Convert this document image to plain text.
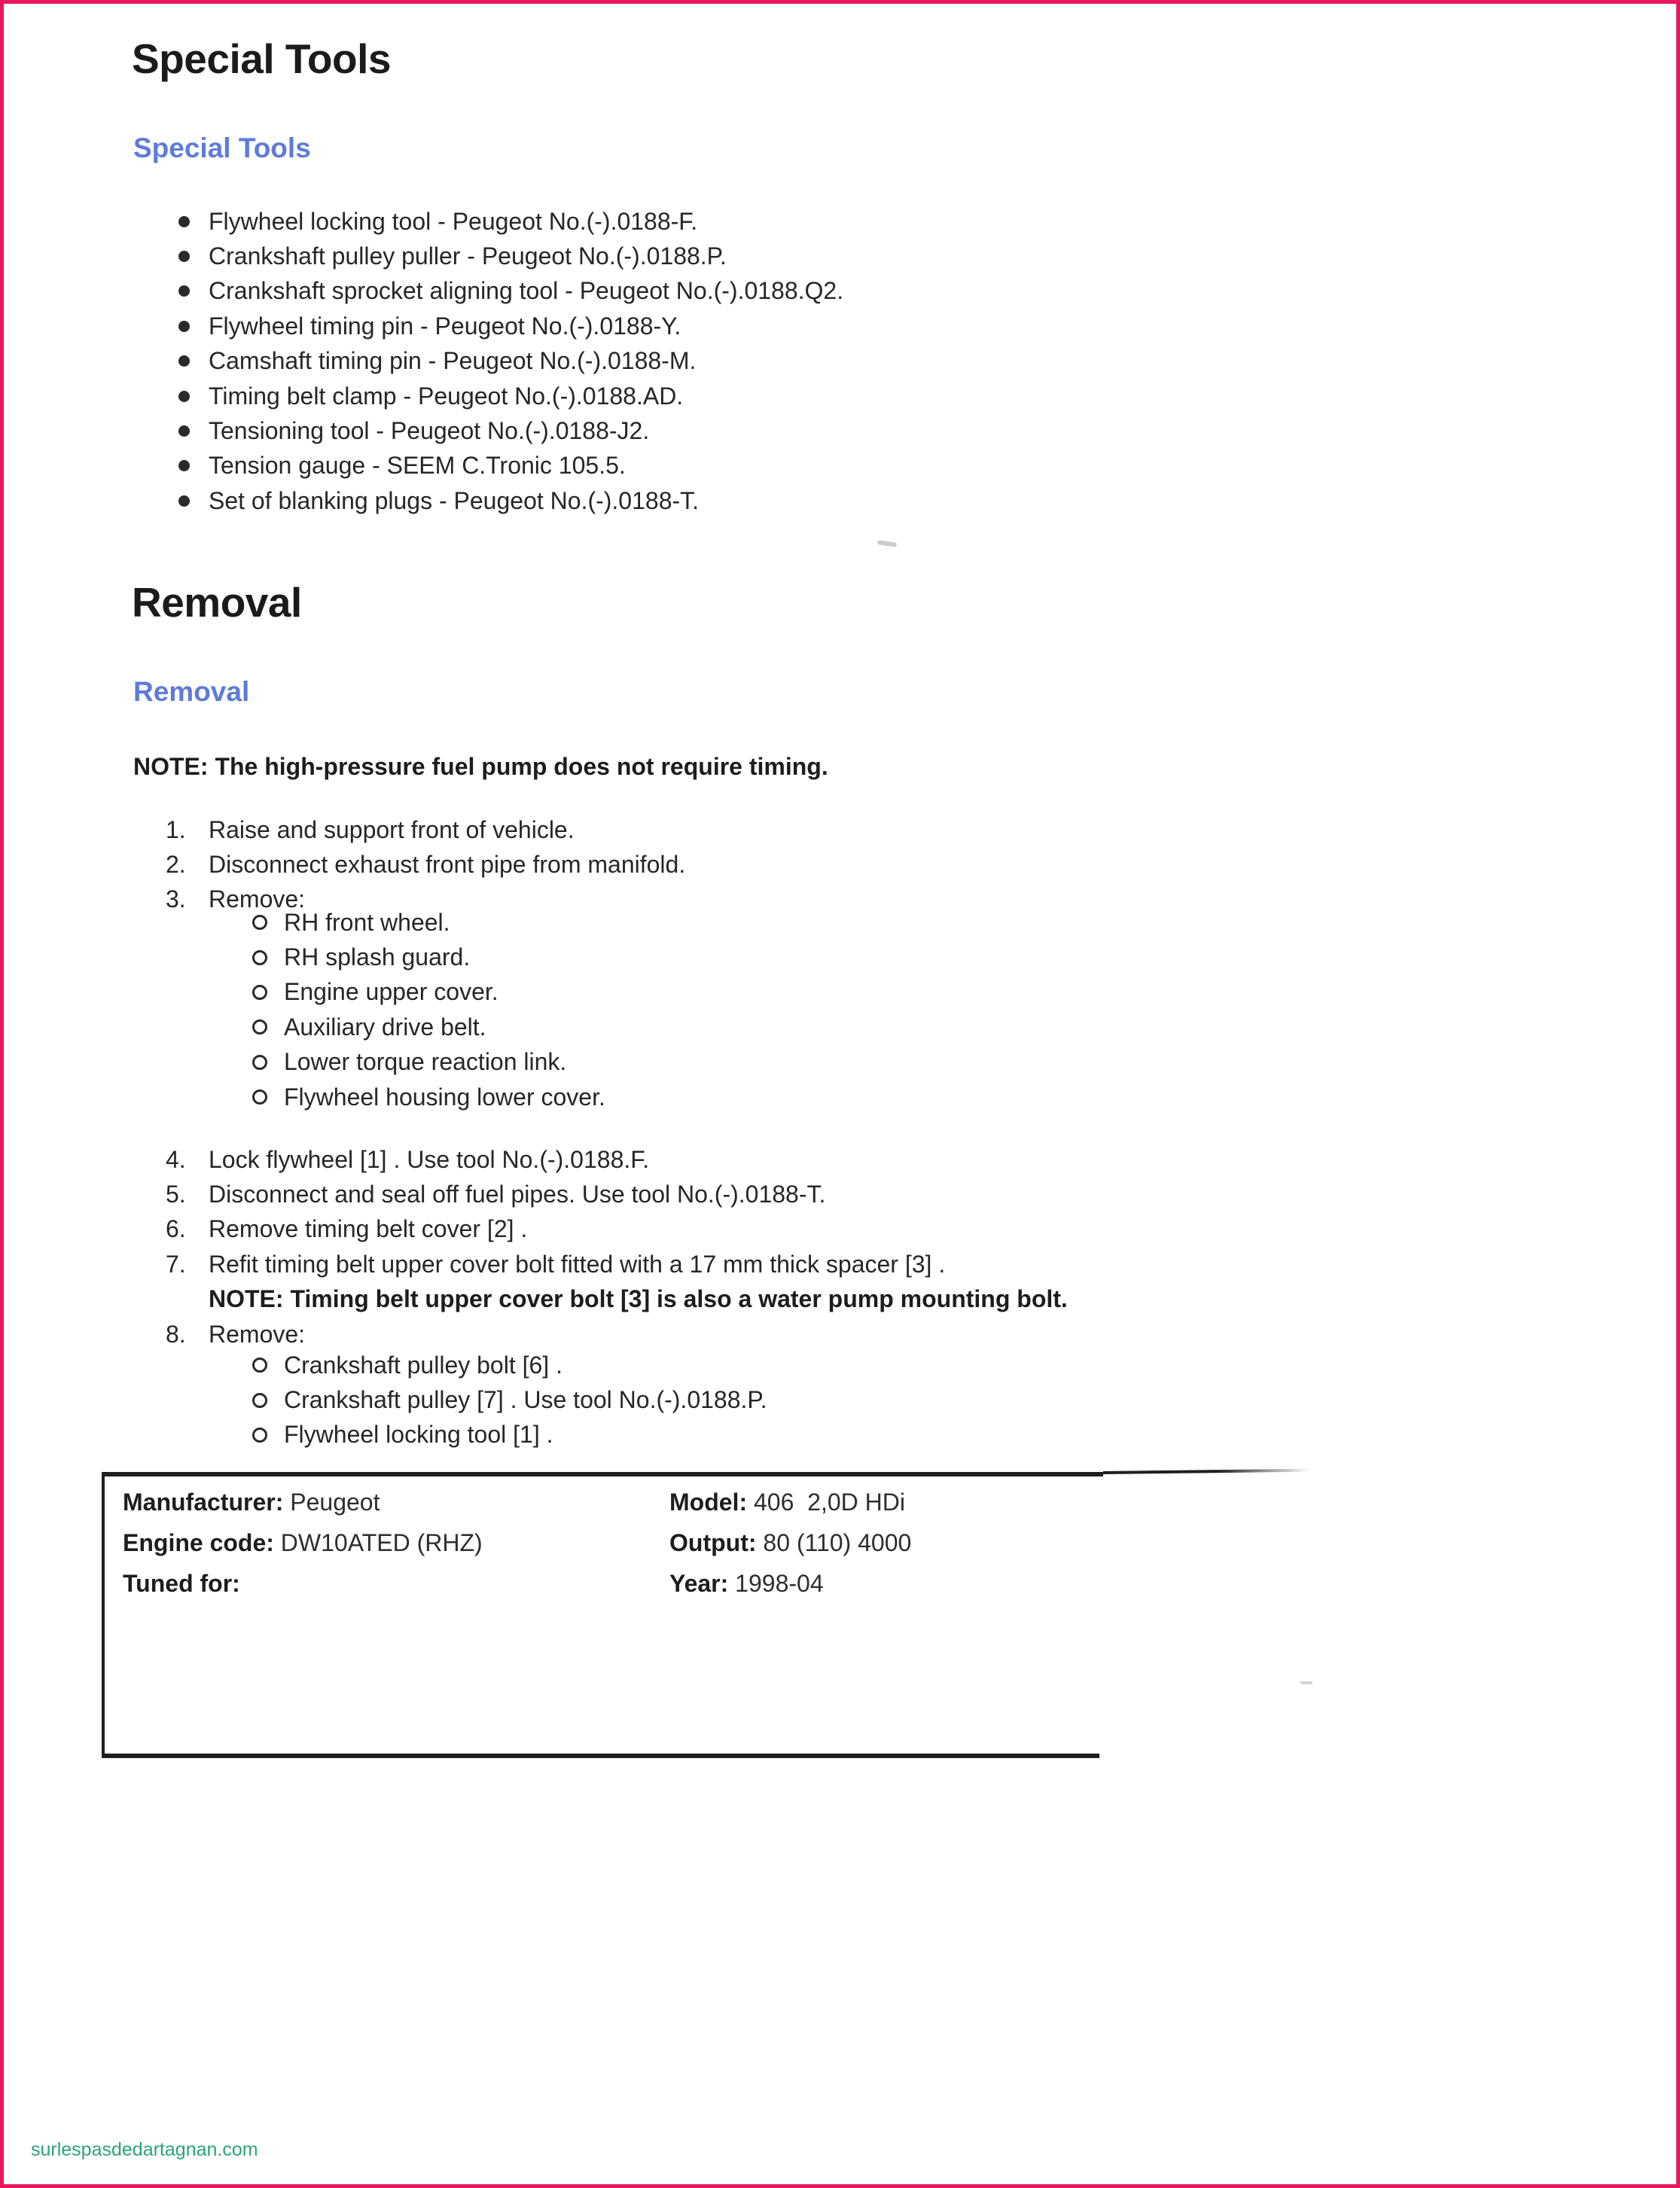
Special Tools
Special Tools
Flywheel locking tool - Peugeot No.(-).0188-F.
Crankshaft pulley puller - Peugeot No.(-).0188.P.
Crankshaft sprocket aligning tool - Peugeot No.(-).0188.Q2.
Flywheel timing pin - Peugeot No.(-).0188-Y.
Camshaft timing pin - Peugeot No.(-).0188-M.
Timing belt clamp - Peugeot No.(-).0188.AD.
Tensioning tool - Peugeot No.(-).0188-J2.
Tension gauge - SEEM C.Tronic 105.5.
Set of blanking plugs - Peugeot No.(-).0188-T.
Removal
Removal
NOTE: The high-pressure fuel pump does not require timing.
1. Raise and support front of vehicle.
2. Disconnect exhaust front pipe from manifold.
3. Remove:
RH front wheel.
RH splash guard.
Engine upper cover.
Auxiliary drive belt.
Lower torque reaction link.
Flywheel housing lower cover.
4. Lock flywheel [1] . Use tool No.(-).0188.F.
5. Disconnect and seal off fuel pipes. Use tool No.(-).0188-T.
6. Remove timing belt cover [2] .
7. Refit timing belt upper cover bolt fitted with a 17 mm thick spacer [3] .
NOTE: Timing belt upper cover bolt [3] is also a water pump mounting bolt.
8. Remove:
Crankshaft pulley bolt [6] .
Crankshaft pulley [7] . Use tool No.(-).0188.P.
Flywheel locking tool [1] .
Manufacturer: Peugeot	Model: 406  2,0D HDi
Engine code: DW10ATED (RHZ)	Output: 80 (110) 4000
Tuned for:	Year: 1998-04
surlespasdedartagnan.com
